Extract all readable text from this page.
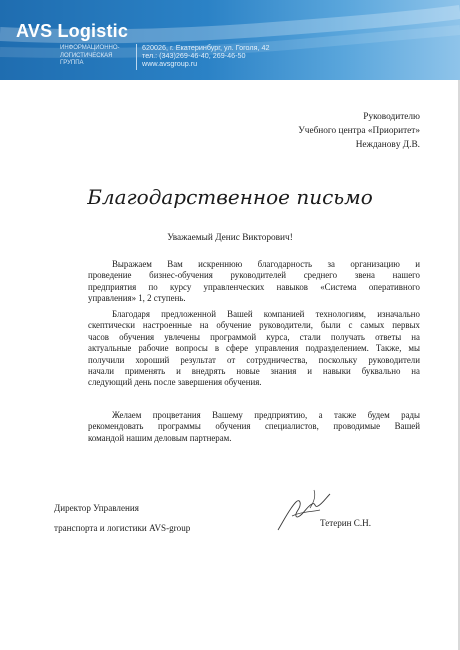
AVS Logistic
ИНФОРМАЦИОННО-
ЛОГИСТИЧЕСКАЯ
ГРУППА
620026, г. Екатеринбург, ул. Гоголя, 42
тел.: (343)269-46-40, 269-46-50
www.avsgroup.ru
Руководителю
Учебного центра «Приоритет»
Неждановy Д.В.
Благодарственное письмо
Уважаемый Денис Викторович!
Выражаем Вам искреннюю благодарность за организацию и
проведение бизнес-обучения руководителей среднего звена нашего
предприятия по курсу управленческих навыков «Система оперативного
управления» 1, 2 ступень.
Благодаря предложенной Вашей компанией технологиям, изначально
скептически настроенные на обучение руководители, были с самых первых
часов обучения увлечены программой курса, стали получать ответы на
актуальные рабочие вопросы в сфере управления подразделением. Также, мы
получили хороший результат от сотрудничества, поскольку руководители
начали применять и внедрять новые знания и навыки буквально на
следующий день после завершения обучения.
Желаем процветания Вашему предприятию, а также будем рады
рекомендовать программы обучения специалистов, проводимые Вашей
командой нашим деловым партнерам.
Директор Управления
транспорта и логистики AVS-group	Тетерин С.Н.
